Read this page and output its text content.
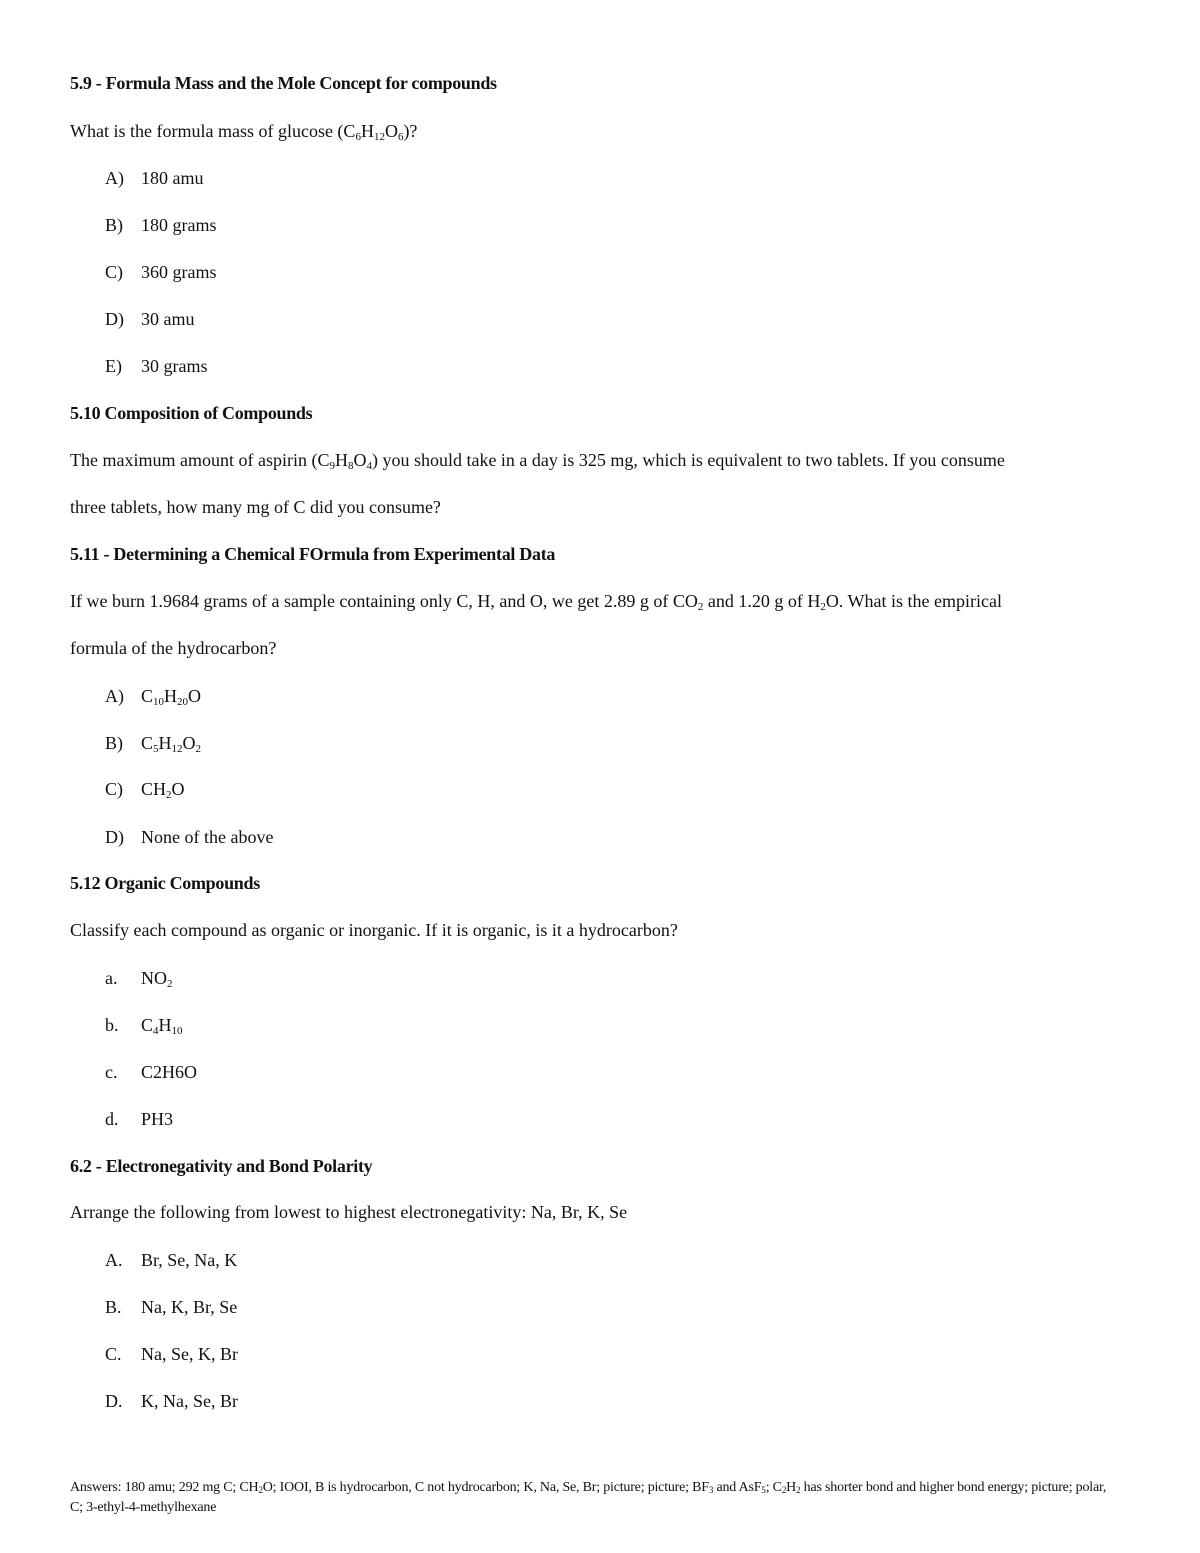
5.9 - Formula Mass and the Mole Concept for compounds
What is the formula mass of glucose $(C_6H_{12}O_6)$?
A) 180 amu
B) 180 grams
C) 360 grams
D) 30 amu
E) 30 grams
5.10 Composition of Compounds
The maximum amount of aspirin $(C_9H_8O_4)$ you should take in a day is 325 mg, which is equivalent to two tablets. If you consume
three tablets, how many mg of C did you consume?
5.11 - Determining a Chemical FOrmula from Experimental Data
If we burn 1.9684 grams of a sample containing only C, H, and O, we get 2.89 g of $CO_2$ and 1.20 g of $H_2O$. What is the empirical
formula of the hydrocarbon?
A) $C_{10}H_{20}O$
B) $C_5H_{12}O_2$
C) $CH_2O$
D) None of the above
5.12 Organic Compounds
Classify each compound as organic or inorganic. If it is organic, is it a hydrocarbon?
a. $NO_2$
b. $C_4H_{10}$
c. C2H6O
d. PH3
6.2 - Electronegativity and Bond Polarity
Arrange the following from lowest to highest electronegativity: Na, Br, K, Se
A. Br, Se, Na, K
B. Na, K, Br, Se
C. Na, Se, K, Br
D. K, Na, Se, Br
Answers: 180 amu; 292 mg C; $CH_2O$; IOOI, B is hydrocarbon, C not hydrocarbon; K, Na, Se, Br; picture; picture; $BF_3$ and AsF$_5$; $C_2H_2$ has shorter bond and higher bond energy; picture; polar, C; 3-ethyl-4-methylhexane
